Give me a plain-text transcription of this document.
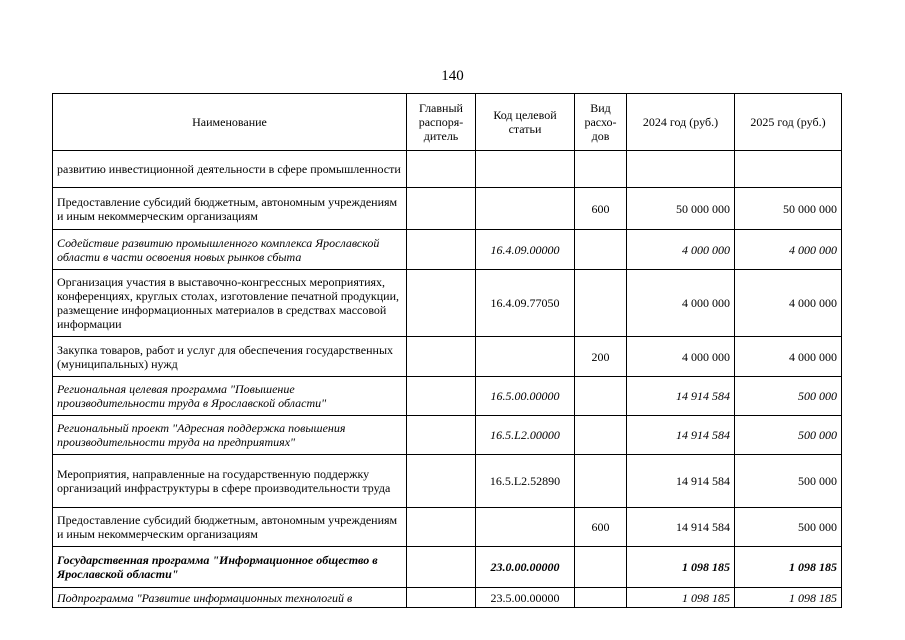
140
Наименование	Главный распоря-дитель	Код целевой статьи	Вид расхо-дов	2024 год (руб.)	2025 год (руб.)
развитию инвестиционной деятельности в сфере промышленности					
Предоставление субсидий бюджетным, автономным учреждениям и иным некоммерческим организациям			600	50 000 000	50 000 000
Содействие развитию промышленного комплекса Ярославской области в части освоения новых рынков сбыта		16.4.09.00000		4 000 000	4 000 000
Организация участия в выставочно-конгрессных мероприятиях, конференциях, круглых столах, изготовление печатной продукции, размещение информационных материалов в средствах массовой информации		16.4.09.77050		4 000 000	4 000 000
Закупка товаров, работ и услуг для обеспечения государственных (муниципальных) нужд			200	4 000 000	4 000 000
Региональная целевая программа "Повышение производительности труда в Ярославской области"		16.5.00.00000		14 914 584	500 000
Региональный проект "Адресная поддержка повышения производительности труда на предприятиях"		16.5.L2.00000		14 914 584	500 000
Мероприятия, направленные на государственную поддержку организаций инфраструктуры в сфере производительности труда		16.5.L2.52890		14 914 584	500 000
Предоставление субсидий бюджетным, автономным учреждениям и иным некоммерческим организациям			600	14 914 584	500 000
Государственная программа "Информационное общество в Ярославской области"		23.0.00.00000		1 098 185	1 098 185
Подпрограмма "Развитие информационных технологий в		23.5.00.00000		1 098 185	1 098 185
